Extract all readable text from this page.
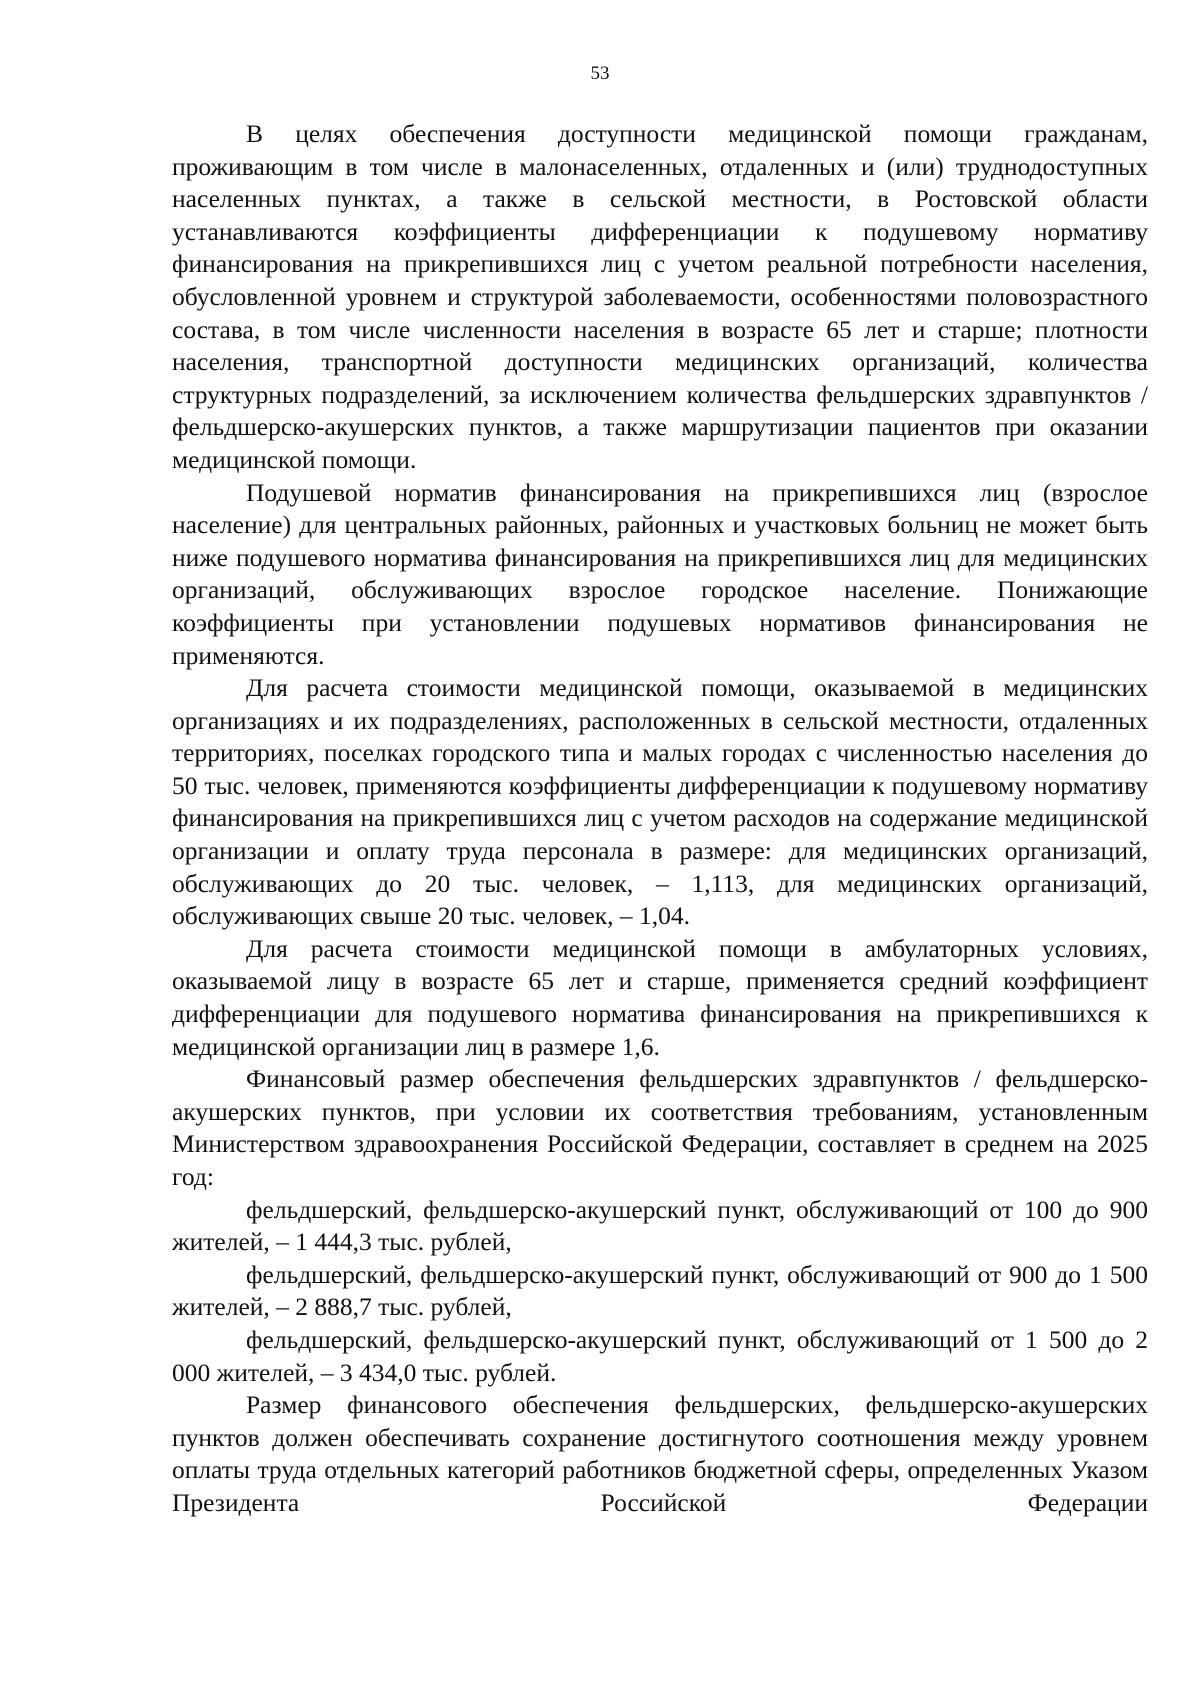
53

В целях обеспечения доступности медицинской помощи гражданам, проживающим в том числе в малонаселенных, отдаленных и (или) труднодоступных населенных пунктах, а также в сельской местности, в Ростовской области устанавливаются коэффициенты дифференциации к подушевому нормативу финансирования на прикрепившихся лиц с учетом реальной потребности населения, обусловленной уровнем и структурой заболеваемости, особенностями половозрастного состава, в том числе численности населения в возрасте 65 лет и старше; плотности населения, транспортной доступности медицинских организаций, количества структурных подразделений, за исключением количества фельдшерских здравпунктов / фельдшерско-акушерских пунктов, а также маршрутизации пациентов при оказании медицинской помощи.

Подушевой норматив финансирования на прикрепившихся лиц (взрослое население) для центральных районных, районных и участковых больниц не может быть ниже подушевого норматива финансирования на прикрепившихся лиц для медицинских организаций, обслуживающих взрослое городское население. Понижающие коэффициенты при установлении подушевых нормативов финансирования не применяются.

Для расчета стоимости медицинской помощи, оказываемой в медицинских организациях и их подразделениях, расположенных в сельской местности, отдаленных территориях, поселках городского типа и малых городах с численностью населения до 50 тыс. человек, применяются коэффициенты дифференциации к подушевому нормативу финансирования на прикрепившихся лиц с учетом расходов на содержание медицинской организации и оплату труда персонала в размере: для медицинских организаций, обслуживающих до 20 тыс. человек, – 1,113, для медицинских организаций, обслуживающих свыше 20 тыс. человек, – 1,04.

Для расчета стоимости медицинской помощи в амбулаторных условиях, оказываемой лицу в возрасте 65 лет и старше, применяется средний коэффициент дифференциации для подушевого норматива финансирования на прикрепившихся к медицинской организации лиц в размере 1,6.

Финансовый размер обеспечения фельдшерских здравпунктов / фельдшерско-акушерских пунктов, при условии их соответствия требованиям, установленным Министерством здравоохранения Российской Федерации, составляет в среднем на 2025 год:

фельдшерский, фельдшерско-акушерский пункт, обслуживающий от 100 до 900 жителей, – 1 444,3 тыс. рублей,

фельдшерский, фельдшерско-акушерский пункт, обслуживающий от 900 до 1 500 жителей, – 2 888,7 тыс. рублей,

фельдшерский, фельдшерско-акушерский пункт, обслуживающий от 1 500 до 2 000 жителей, – 3 434,0 тыс. рублей.

Размер финансового обеспечения фельдшерских, фельдшерско-акушерских пунктов должен обеспечивать сохранение достигнутого соотношения между уровнем оплаты труда отдельных категорий работников бюджетной сферы, определенных Указом Президента Российской Федерации
